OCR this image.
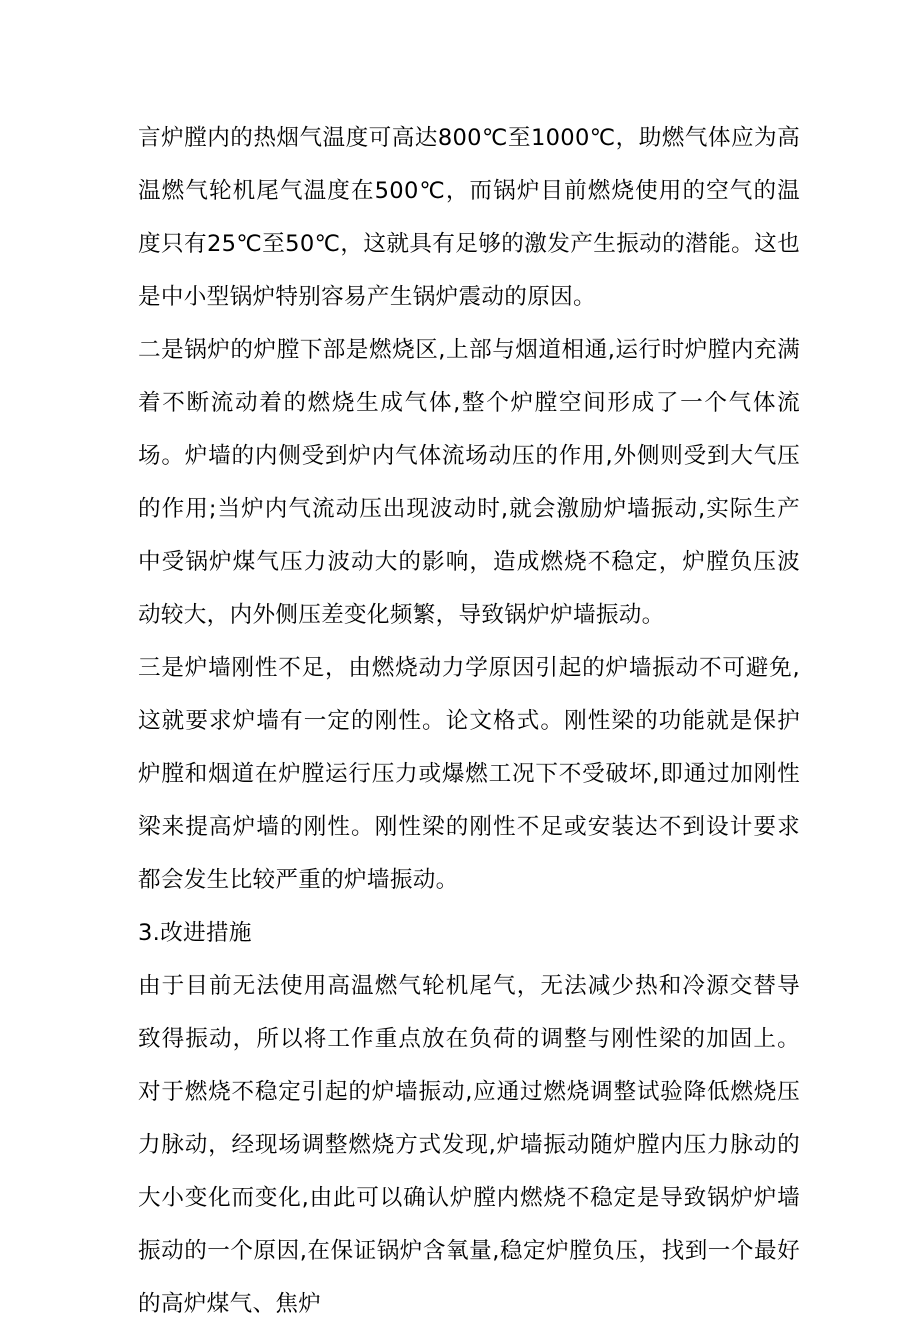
言炉膛内的热烟气温度可高达800℃至1000℃，助燃气体应为高温燃气轮机尾气温度在500℃，而锅炉目前燃烧使用的空气的温度只有25℃至50℃，这就具有足够的激发产生振动的潜能。这也是中小型锅炉特别容易产生锅炉震动的原因。

二是锅炉的炉膛下部是燃烧区,上部与烟道相通,运行时炉膛内充满着不断流动着的燃烧生成气体,整个炉膛空间形成了一个气体流场。炉墙的内侧受到炉内气体流场动压的作用,外侧则受到大气压的作用;当炉内气流动压出现波动时,就会激励炉墙振动,实际生产中受锅炉煤气压力波动大的影响，造成燃烧不稳定，炉膛负压波动较大，内外侧压差变化频繁，导致锅炉炉墙振动。

三是炉墙刚性不足，由燃烧动力学原因引起的炉墙振动不可避免,这就要求炉墙有一定的刚性。论文格式。刚性梁的功能就是保护炉膛和烟道在炉膛运行压力或爆燃工况下不受破坏,即通过加刚性梁来提高炉墙的刚性。刚性梁的刚性不足或安装达不到设计要求都会发生比较严重的炉墙振动。

3.改进措施

由于目前无法使用高温燃气轮机尾气，无法减少热和冷源交替导致得振动，所以将工作重点放在负荷的调整与刚性梁的加固上。对于燃烧不稳定引起的炉墙振动,应通过燃烧调整试验降低燃烧压力脉动，经现场调整燃烧方式发现,炉墙振动随炉膛内压力脉动的大小变化而变化,由此可以确认炉膛内燃烧不稳定是导致锅炉炉墙振动的一个原因,在保证锅炉含氧量,稳定炉膛负压，找到一个最好的高炉煤气、焦炉
